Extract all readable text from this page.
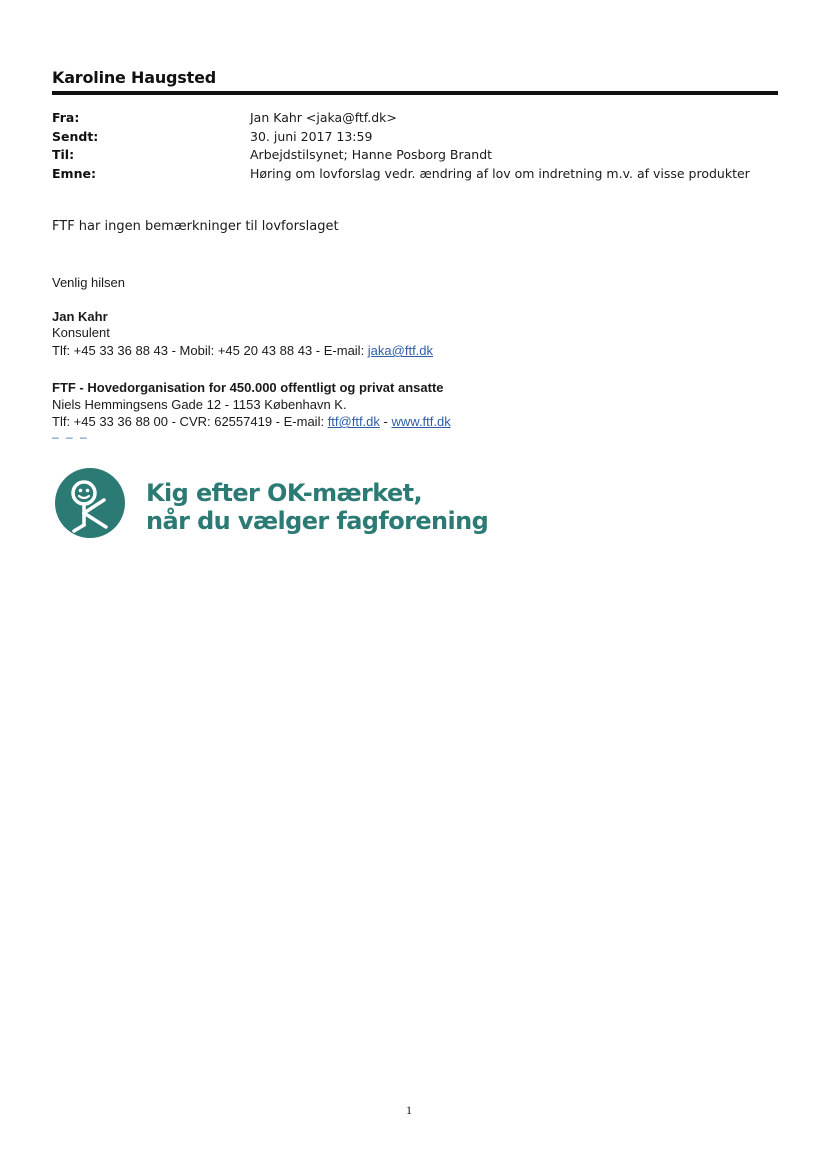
Karoline Haugsted
Fra:	Jan Kahr <jaka@ftf.dk>
Sendt:	30. juni 2017 13:59
Til:	Arbejdstilsynet; Hanne Posborg Brandt
Emne:	Høring om lovforslag vedr. ændring af lov om indretning m.v. af visse produkter
FTF har ingen bemærkninger til lovforslaget
Venlig hilsen
Jan Kahr
Konsulent
Tlf: +45 33 36 88 43 - Mobil: +45 20 43 88 43 - E-mail: jaka@ftf.dk
FTF - Hovedorganisation for 450.000 offentligt og privat ansatte
Niels Hemmingsens Gade 12 - 1153 København K.
Tlf: +45 33 36 88 00 - CVR: 62557419 - E-mail: ftf@ftf.dk - www.ftf.dk
– – –
Kig efter OK-mærket,
når du vælger fagforening
1
